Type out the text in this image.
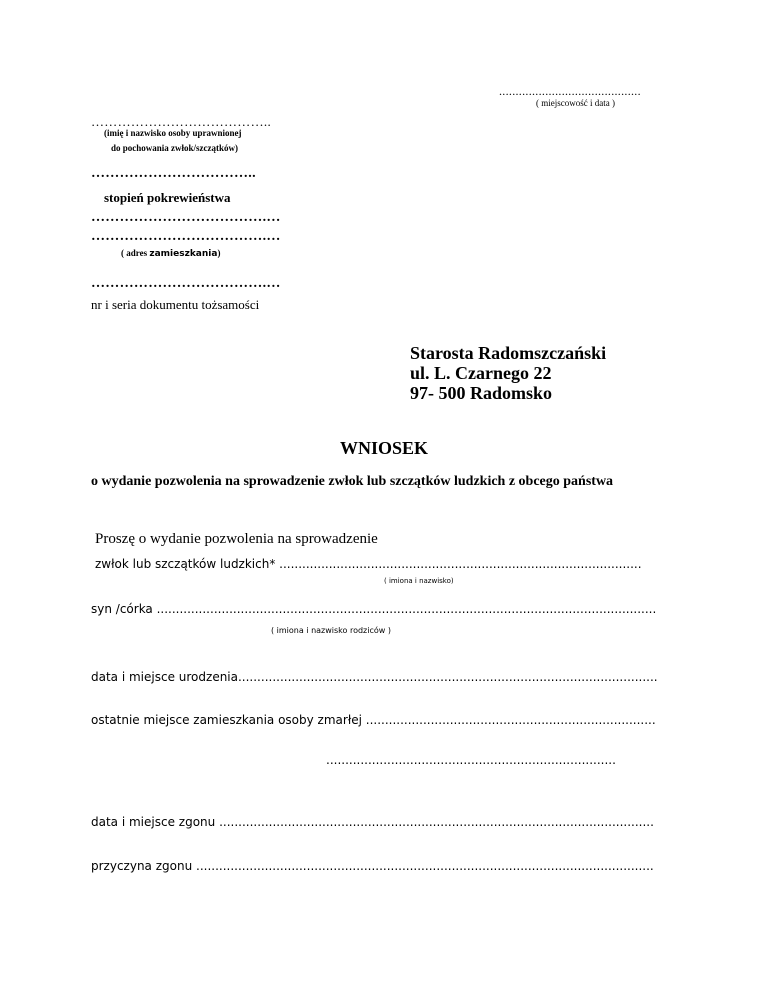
...........................................
( miejscowość i data )
…………………………………..
(imię i nazwisko osoby uprawnionej
do pochowania zwłok/szczątków)
……………………………..
stopień pokrewieństwa
……………………………….…
……………………………….…
( adres zamieszkania)
……………………………….…
nr i seria dokumentu tożsamości
Starosta Radomszczański
ul. L. Czarnego 22
97- 500 Radomsko
WNIOSEK
o wydanie pozwolenia na sprowadzenie zwłok lub szczątków ludzkich z obcego państwa
Proszę o wydanie pozwolenia na sprowadzenie
zwłok lub szczątków ludzkich* ...............................................................................................
( imiona i nazwisko)
syn /córka ...................................................................................................................................
( imiona i nazwisko rodziców )
data i miejsce urodzenia..............................................................................................................
ostatnie miejsce zamieszkania osoby zmarłej ............................................................................
............................................................................
data i miejsce zgonu ..................................................................................................................
przyczyna zgonu ........................................................................................................................
